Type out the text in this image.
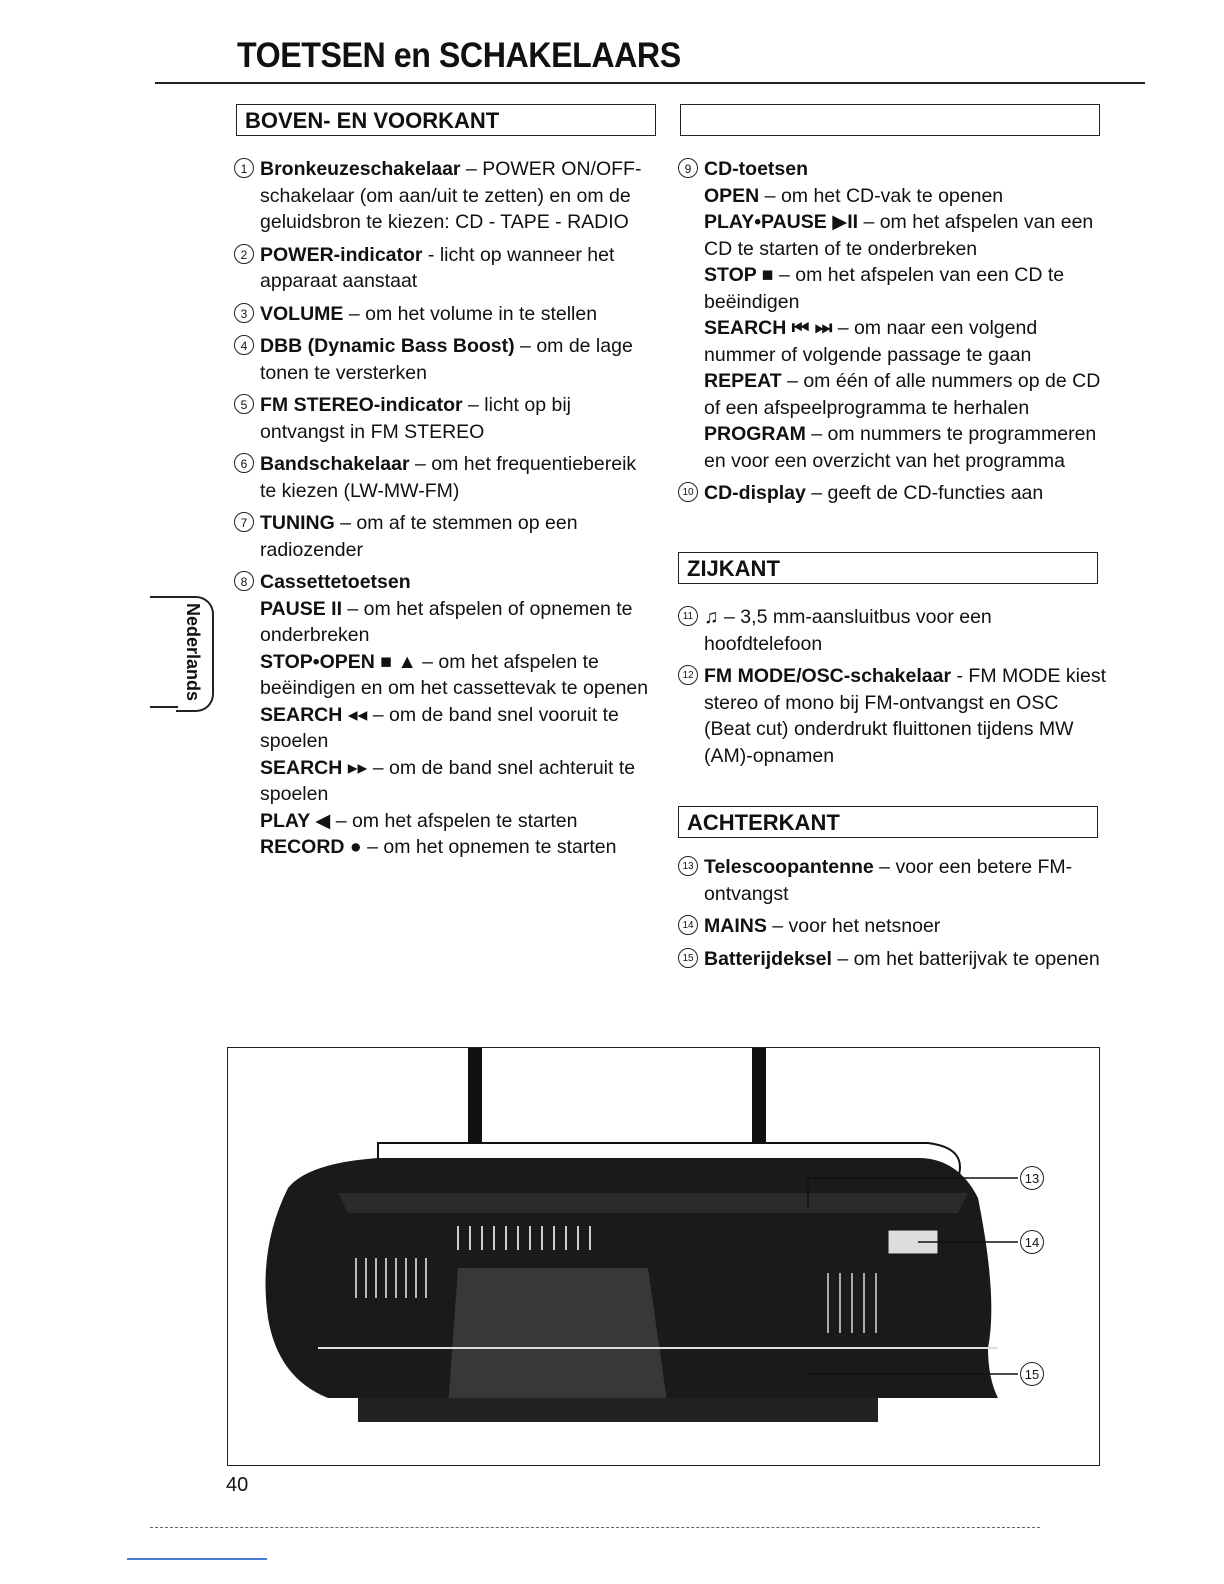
TOETSEN en SCHAKELAARS
BOVEN- EN VOORKANT
1 Bronkeuzeschakelaar – POWER ON/OFF-schakelaar (om aan/uit te zetten) en om de geluidsbron te kiezen: CD - TAPE - RADIO
2 POWER-indicator - licht op wanneer het apparaat aanstaat
3 VOLUME – om het volume in te stellen
4 DBB (Dynamic Bass Boost) – om de lage tonen te versterken
5 FM STEREO-indicator – licht op bij ontvangst in FM STEREO
6 Bandschakelaar – om het frequentiebereik te kiezen (LW-MW-FM)
7 TUNING – om af te stemmen op een radiozender
8 Cassettetoetsen
PAUSE II – om het afspelen of opnemen te onderbreken
STOP•OPEN ■ ▲ – om het afspelen te beëindigen en om het cassettevak te openen
SEARCH ◂◂ – om de band snel vooruit te spoelen
SEARCH ▸▸ – om de band snel achteruit te spoelen
PLAY ◀ – om het afspelen te starten
RECORD ● – om het opnemen te starten
9 CD-toetsen
OPEN – om het CD-vak te openen
PLAY•PAUSE ▶II – om het afspelen van een CD te starten of te onderbreken
STOP ■ – om het afspelen van een CD te beëindigen
SEARCH ⏮ ⏭ – om naar een volgend nummer of volgende passage te gaan
REPEAT – om één of alle nummers op de CD of een afspeelprogramma te herhalen
PROGRAM – om nummers te programmeren en voor een overzicht van het programma
10 CD-display – geeft de CD-functies aan
ZIJKANT
11 ♫ – 3,5 mm-aansluitbus voor een hoofdtelefoon
12 FM MODE/OSC-schakelaar - FM MODE kiest stereo of mono bij FM-ontvangst en OSC (Beat cut) onderdrukt fluittonen tijdens MW (AM)-opnamen
ACHTERKANT
13 Telescoopantenne – voor een betere FM-ontvangst
14 MAINS – voor het netsnoer
15 Batterijdeksel – om het batterijvak te openen
Nederlands
13
14
15
40
